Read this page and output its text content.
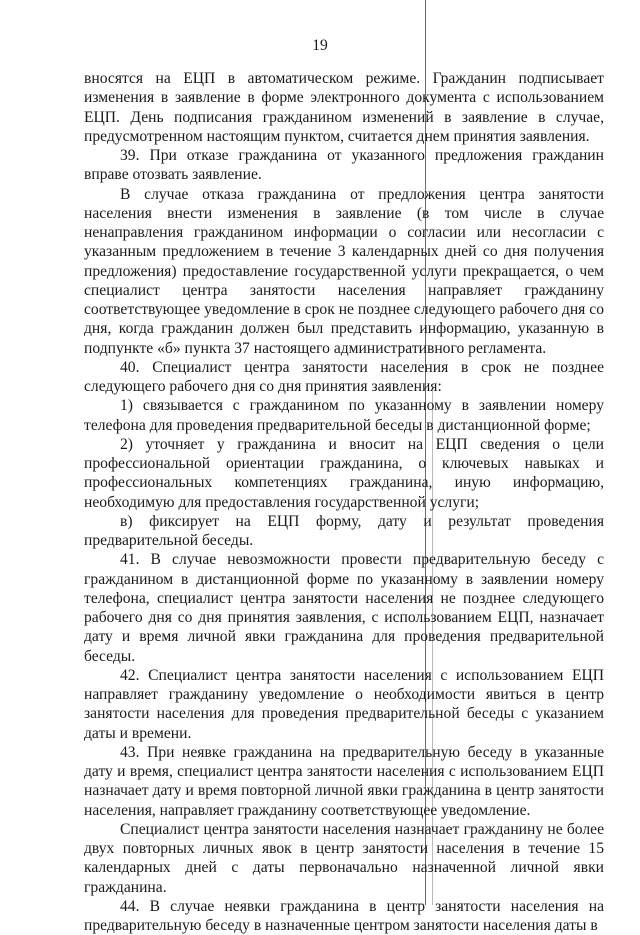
19

вносятся на ЕЦП в автоматическом режиме. Гражданин подписывает изменения в заявление в форме электронного документа с использованием ЕЦП. День подписания гражданином изменений в заявление в случае, предусмотренном настоящим пунктом, считается днем принятия заявления.

39. При отказе гражданина от указанного предложения гражданин вправе отозвать заявление.

В случае отказа гражданина от предложения центра занятости населения внести изменения в заявление (в том числе в случае ненаправления гражданином информации о согласии или несогласии с указанным предложением в течение 3 календарных дней со дня получения предложения) предоставление государственной услуги прекращается, о чем специалист центра занятости населения направляет гражданину соответствующее уведомление в срок не позднее следующего рабочего дня со дня, когда гражданин должен был представить информацию, указанную в подпункте «б» пункта 37 настоящего административного регламента.

40. Специалист центра занятости населения в срок не позднее следующего рабочего дня со дня принятия заявления:

1) связывается с гражданином по указанному в заявлении номеру телефона для проведения предварительной беседы в дистанционной форме;

2) уточняет у гражданина и вносит на ЕЦП сведения о цели профессиональной ориентации гражданина, о ключевых навыках и профессиональных компетенциях гражданина, иную информацию, необходимую для предоставления государственной услуги;

в) фиксирует на ЕЦП форму, дату и результат проведения предварительной беседы.

41. В случае невозможности провести предварительную беседу с гражданином в дистанционной форме по указанному в заявлении номеру телефона, специалист центра занятости населения не позднее следующего рабочего дня со дня принятия заявления, с использованием ЕЦП, назначает дату и время личной явки гражданина для проведения предварительной беседы.

42. Специалист центра занятости населения с использованием ЕЦП направляет гражданину уведомление о необходимости явиться в центр занятости населения для проведения предварительной беседы с указанием даты и времени.

43. При неявке гражданина на предварительную беседу в указанные дату и время, специалист центра занятости населения с использованием ЕЦП назначает дату и время повторной личной явки гражданина в центр занятости населения, направляет гражданину соответствующее уведомление.

Специалист центра занятости населения назначает гражданину не более двух повторных личных явок в центр занятости населения в течение 15 календарных дней с даты первоначально назначенной личной явки гражданина.

44. В случае неявки гражданина в центр занятости населения на предварительную беседу в назначенные центром занятости населения даты в
